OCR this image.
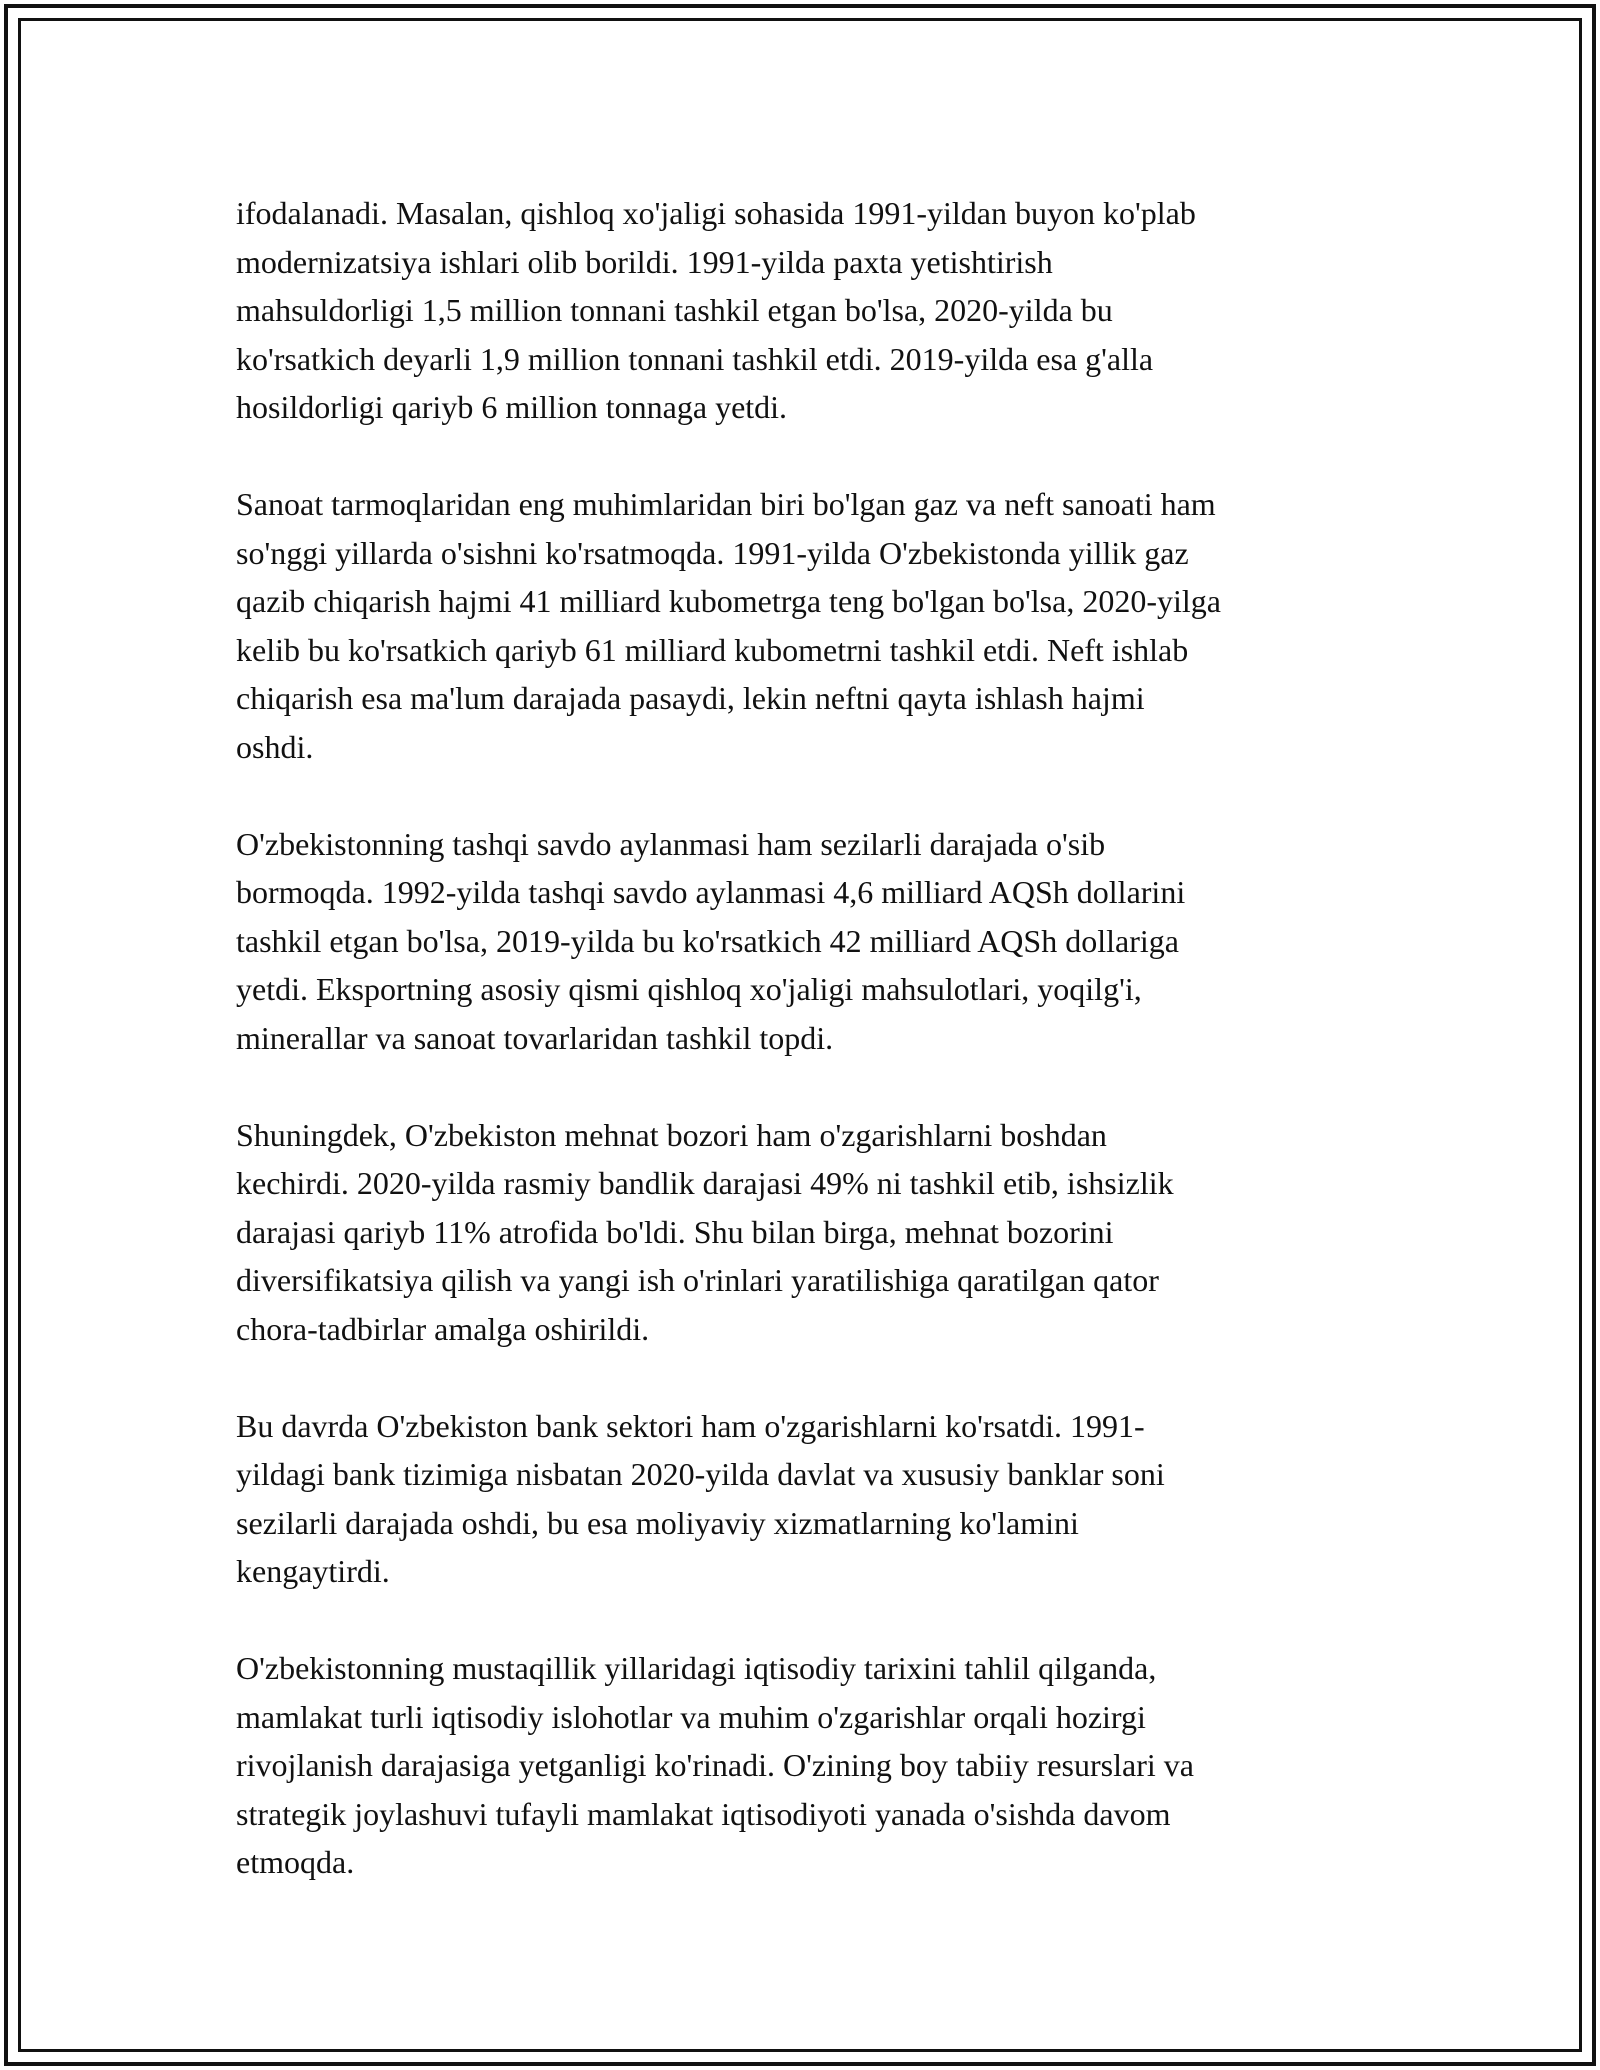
ifodalanadi. Masalan, qishloq xo'jaligi sohasida 1991-yildan buyon ko'plab
modernizatsiya ishlari olib borildi. 1991-yilda paxta yetishtirish
mahsuldorligi 1,5 million tonnani tashkil etgan bo'lsa, 2020-yilda bu
ko'rsatkich deyarli 1,9 million tonnani tashkil etdi. 2019-yilda esa g'alla
hosildorligi qariyb 6 million tonnaga yetdi.

Sanoat tarmoqlaridan eng muhimlaridan biri bo'lgan gaz va neft sanoati ham
so'nggi yillarda o'sishni ko'rsatmoqda. 1991-yilda O'zbekistonda yillik gaz
qazib chiqarish hajmi 41 milliard kubometrga teng bo'lgan bo'lsa, 2020-yilga
kelib bu ko'rsatkich qariyb 61 milliard kubometrni tashkil etdi. Neft ishlab
chiqarish esa ma'lum darajada pasaydi, lekin neftni qayta ishlash hajmi
oshdi.

O'zbekistonning tashqi savdo aylanmasi ham sezilarli darajada o'sib
bormoqda. 1992-yilda tashqi savdo aylanmasi 4,6 milliard AQSh dollarini
tashkil etgan bo'lsa, 2019-yilda bu ko'rsatkich 42 milliard AQSh dollariga
yetdi. Eksportning asosiy qismi qishloq xo'jaligi mahsulotlari, yoqilg'i,
minerallar va sanoat tovarlaridan tashkil topdi.

Shuningdek, O'zbekiston mehnat bozori ham o'zgarishlarni boshdan
kechirdi. 2020-yilda rasmiy bandlik darajasi 49% ni tashkil etib, ishsizlik
darajasi qariyb 11% atrofida bo'ldi. Shu bilan birga, mehnat bozorini
diversifikatsiya qilish va yangi ish o'rinlari yaratilishiga qaratilgan qator
chora-tadbirlar amalga oshirildi.

Bu davrda O'zbekiston bank sektori ham o'zgarishlarni ko'rsatdi. 1991-
yildagi bank tizimiga nisbatan 2020-yilda davlat va xususiy banklar soni
sezilarli darajada oshdi, bu esa moliyaviy xizmatlarning ko'lamini
kengaytirdi.

O'zbekistonning mustaqillik yillaridagi iqtisodiy tarixini tahlil qilganda,
mamlakat turli iqtisodiy islohotlar va muhim o'zgarishlar orqali hozirgi
rivojlanish darajasiga yetganligi ko'rinadi. O'zining boy tabiiy resurslari va
strategik joylashuvi tufayli mamlakat iqtisodiyoti yanada o'sishda davom
etmoqda.
